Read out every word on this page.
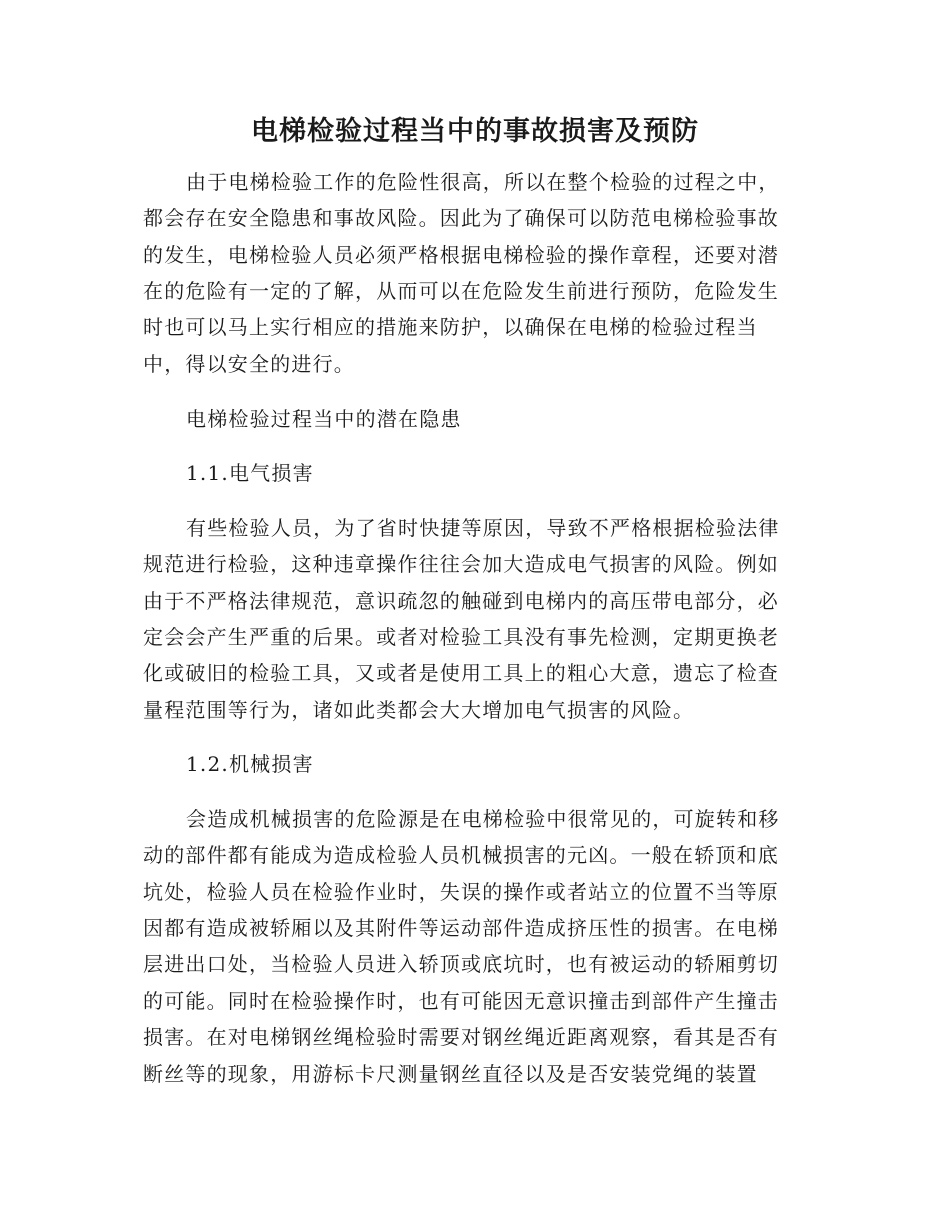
电梯检验过程当中的事故损害及预防

由于电梯检验工作的危险性很高，所以在整个检验的过程之中，

都会存在安全隐患和事故风险。因此为了确保可以防范电梯检验事故

的发生，电梯检验人员必须严格根据电梯检验的操作章程，还要对潜

在的危险有一定的了解，从而可以在危险发生前进行预防，危险发生

时也可以马上实行相应的措施来防护，以确保在电梯的检验过程当

中，得以安全的进行。

电梯检验过程当中的潜在隐患

1.1.电气损害

有些检验人员，为了省时快捷等原因，导致不严格根据检验法律

规范进行检验，这种违章操作往往会加大造成电气损害的风险。例如

由于不严格法律规范，意识疏忽的触碰到电梯内的高压带电部分，必

定会会产生严重的后果。或者对检验工具没有事先检测，定期更换老

化或破旧的检验工具，又或者是使用工具上的粗心大意，遗忘了检查

量程范围等行为，诸如此类都会大大增加电气损害的风险。

1.2.机械损害

会造成机械损害的危险源是在电梯检验中很常见的，可旋转和移

动的部件都有能成为造成检验人员机械损害的元凶。一般在轿顶和底

坑处，检验人员在检验作业时，失误的操作或者站立的位置不当等原

因都有造成被轿厢以及其附件等运动部件造成挤压性的损害。在电梯

层进出口处，当检验人员进入轿顶或底坑时，也有被运动的轿厢剪切

的可能。同时在检验操作时，也有可能因无意识撞击到部件产生撞击

损害。在对电梯钢丝绳检验时需要对钢丝绳近距离观察，看其是否有

断丝等的现象，用游标卡尺测量钢丝直径以及是否安装党绳的装置
